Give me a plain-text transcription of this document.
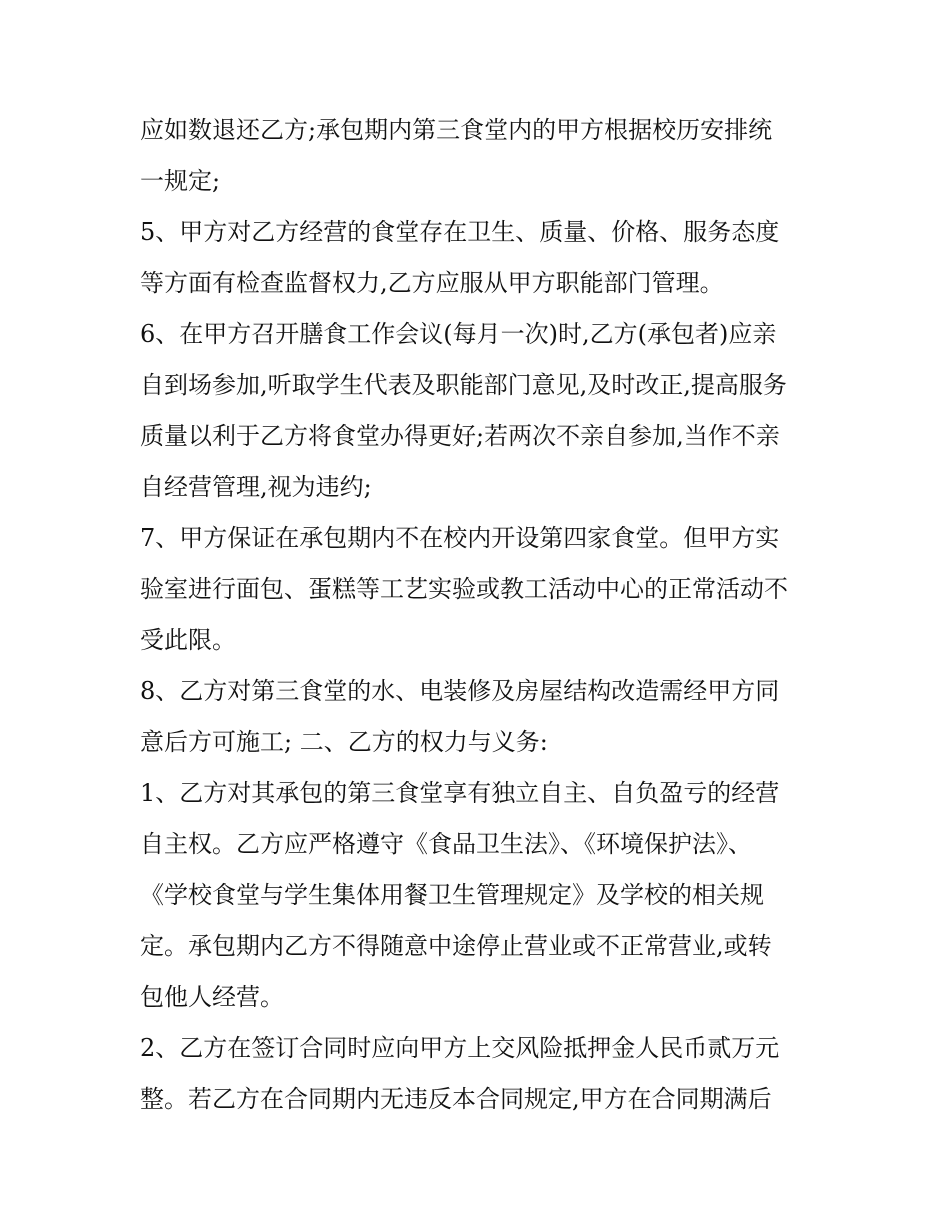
应如数退还乙方;承包期内第三食堂内的甲方根据校历安排统
一规定;
5、甲方对乙方经营的食堂存在卫生、质量、价格、服务态度
等方面有检查监督权力,乙方应服从甲方职能部门管理。
6、在甲方召开膳食工作会议(每月一次)时,乙方(承包者)应亲
自到场参加,听取学生代表及职能部门意见,及时改正,提高服务
质量以利于乙方将食堂办得更好;若两次不亲自参加,当作不亲
自经营管理,视为违约;
7、甲方保证在承包期内不在校内开设第四家食堂。但甲方实
验室进行面包、蛋糕等工艺实验或教工活动中心的正常活动不
受此限。
8、乙方对第三食堂的水、电装修及房屋结构改造需经甲方同
意后方可施工; 二、乙方的权力与义务:
1、乙方对其承包的第三食堂享有独立自主、自负盈亏的经营
自主权。乙方应严格遵守《食品卫生法》、《环境保护法》、
《学校食堂与学生集体用餐卫生管理规定》及学校的相关规
定。承包期内乙方不得随意中途停止营业或不正常营业,或转
包他人经营。
2、乙方在签订合同时应向甲方上交风险抵押金人民币贰万元
整。若乙方在合同期内无违反本合同规定,甲方在合同期满后
